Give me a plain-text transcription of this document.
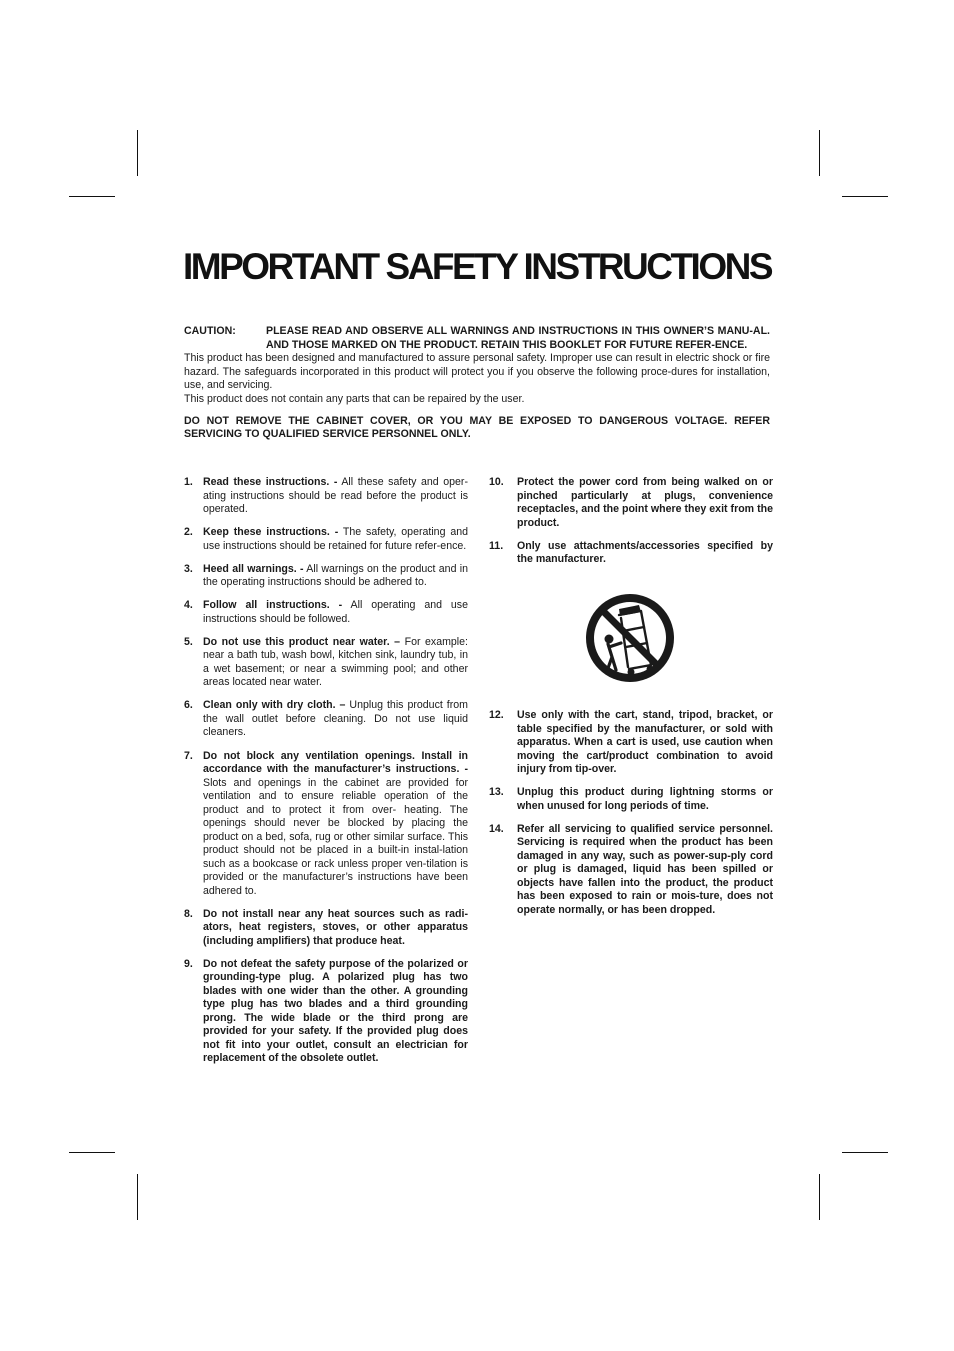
IMPORTANT SAFETY INSTRUCTIONS
CAUTION:	PLEASE READ AND OBSERVE ALL WARNINGS AND INSTRUCTIONS IN THIS OWNER’S MANU-AL. AND THOSE MARKED ON THE PRODUCT. RETAIN THIS BOOKLET FOR FUTURE REFER-ENCE.

This product has been designed and manufactured to assure personal safety. Improper use can result in electric shock or fire hazard. The safeguards incorporated in this product will protect you if you observe the following proce-dures for installation, use, and servicing.

This product does not contain any parts that can be repaired by the user.

DO NOT REMOVE THE CABINET COVER, OR YOU MAY BE EXPOSED TO DANGEROUS VOLTAGE. REFER SERVICING TO QUALIFIED SERVICE PERSONNEL ONLY.

1. Read these instructions. - All these safety and oper-ating instructions should be read before the product is operated.
2. Keep these instructions. - The safety, operating and use instructions should be retained for future refer-ence.
3. Heed all warnings. - All warnings on the product and in the operating instructions should be adhered to.
4. Follow all instructions. - All operating and use instructions should be followed.
5. Do not use this product near water. – For example: near a bath tub, wash bowl, kitchen sink, laundry tub, in a wet basement; or near a swimming pool; and other areas located near water.
6. Clean only with dry cloth. – Unplug this product from the wall outlet before cleaning. Do not use liquid cleaners.
7. Do not block any ventilation openings. Install in accordance with the manufacturer’s instructions. - Slots and openings in the cabinet are provided for ventilation and to ensure reliable operation of the product and to protect it from over- heating. The openings should never be blocked by placing the product on a bed, sofa, rug or other similar surface. This product should not be placed in a built-in instal-lation such as a bookcase or rack unless proper ven-tilation is provided or the manufacturer’s instructions have been adhered to.
8. Do not install near any heat sources such as radi-ators, heat registers, stoves, or other apparatus (including amplifiers) that produce heat.
9. Do not defeat the safety purpose of the polarized or grounding-type plug. A polarized plug has two blades with one wider than the other. A grounding type plug has two blades and a third grounding prong. The wide blade or the third prong are provided for your safety. If the provided plug does not fit into your outlet, consult an electrician for replacement of the obsolete outlet.
10.	Protect the power cord from being walked on or pinched particularly at plugs, convenience receptacles, and the point where they exit from the product.
11.	Only use attachments/accessories specified by the manufacturer.
12.	Use only with the cart, stand, tripod, bracket, or table specified by the manufacturer, or sold with apparatus. When a cart is used, use caution when moving the cart/product combination to avoid injury from tip-over.
13.	Unplug this product during lightning storms or when unused for long periods of time.
14.	Refer all servicing to qualified service personnel. Servicing is required when the product has been damaged in any way, such as power-sup-ply cord or plug is damaged, liquid has been spilled or objects have fallen into the product, the product has been exposed to rain or mois-ture, does not operate normally, or has been dropped.
